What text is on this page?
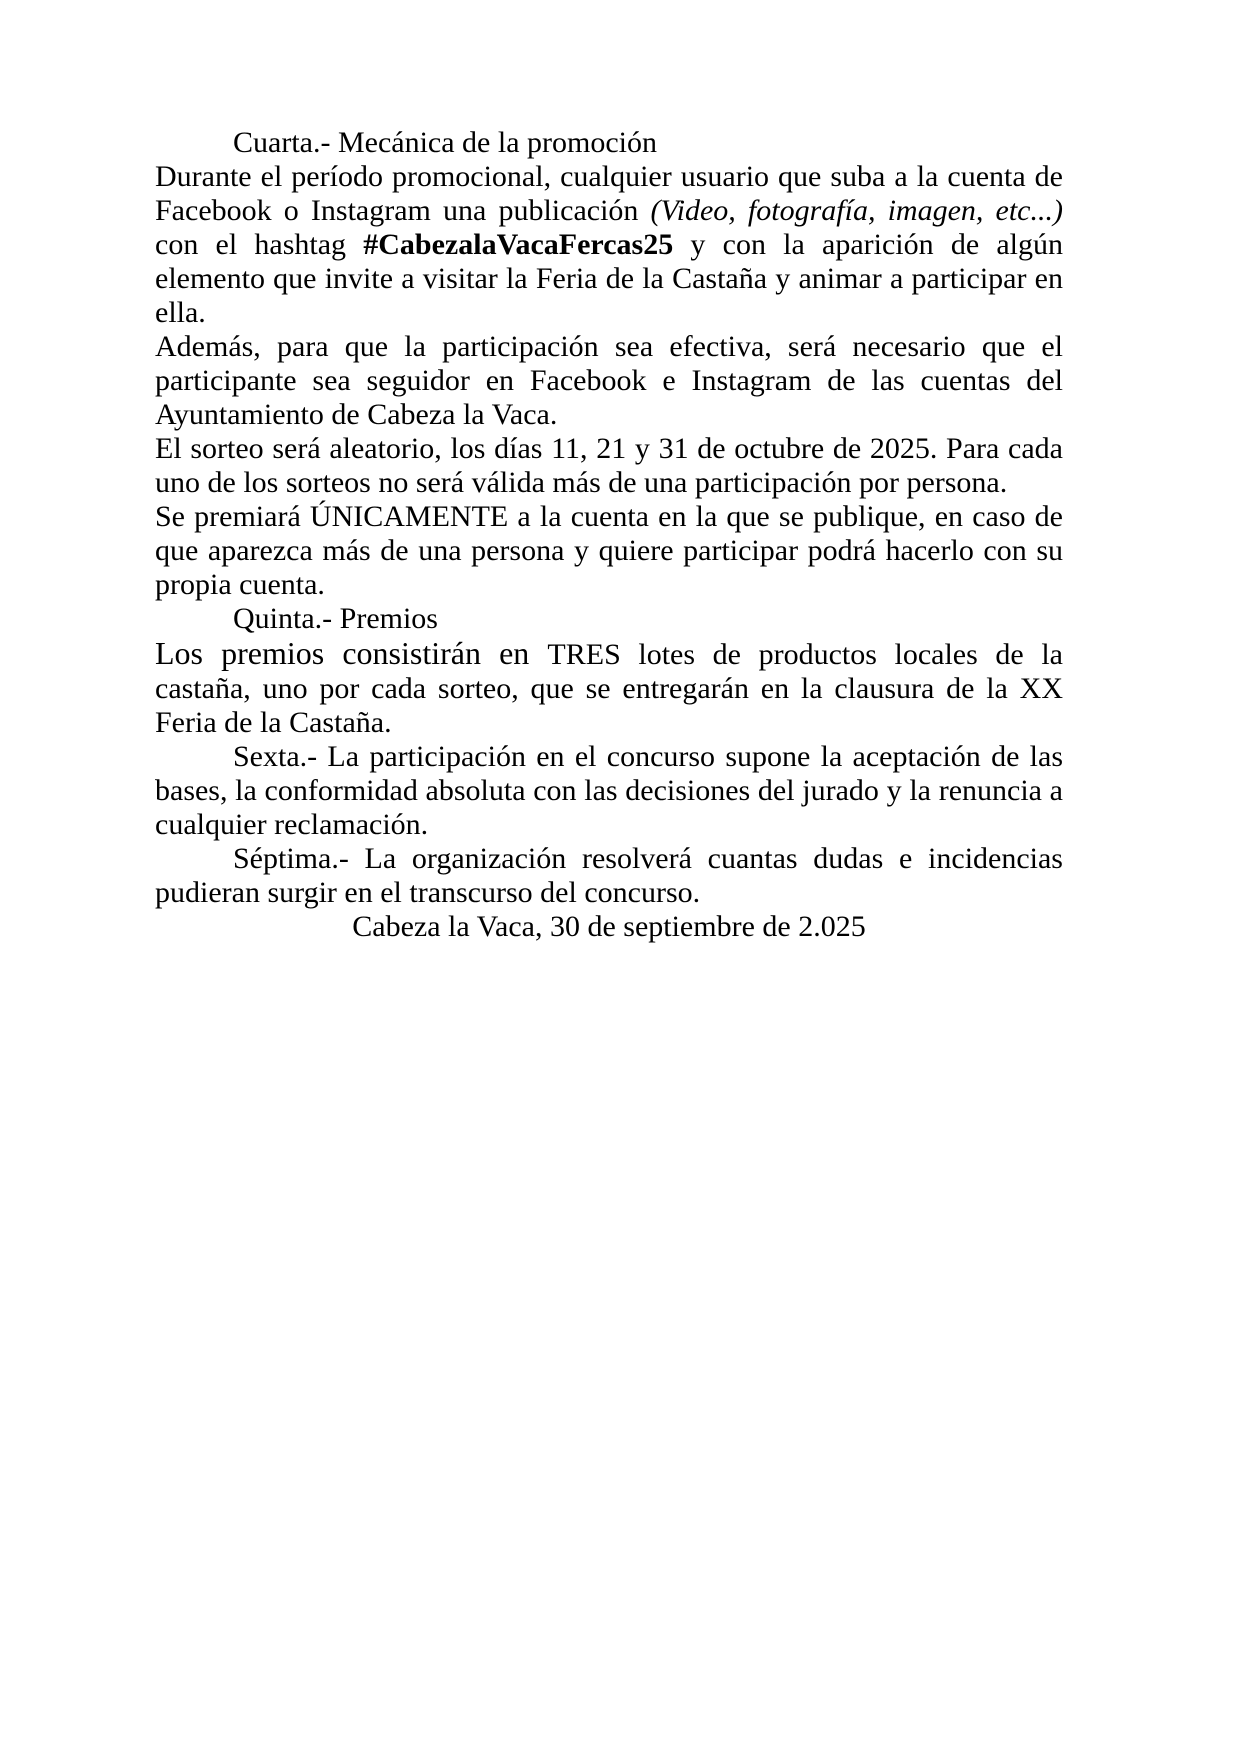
Cuarta.- Mecánica de la promoción

Durante el período promocional, cualquier usuario que suba a la cuenta de Facebook o Instagram una publicación (Video, fotografía, imagen, etc...) con el hashtag #CabezalaVacaFercas25 y con la aparición de algún elemento que invite a visitar la Feria de la Castaña y animar a participar en ella.

Además, para que la participación sea efectiva, será necesario que el participante sea seguidor en Facebook e Instagram de las cuentas del Ayuntamiento de Cabeza la Vaca.

El sorteo será aleatorio, los días 11, 21 y 31 de octubre de 2025. Para cada uno de los sorteos no será válida más de una participación por persona.

Se premiará ÚNICAMENTE a la cuenta en la que se publique, en caso de que aparezca más de una persona y quiere participar podrá hacerlo con su propia cuenta.

Quinta.- Premios

Los premios consistirán en TRES lotes de productos locales de la castaña, uno por cada sorteo, que se entregarán en la clausura de la XX Feria de la Castaña.

Sexta.- La participación en el concurso supone la aceptación de las bases, la conformidad absoluta con las decisiones del jurado y la renuncia a cualquier reclamación.

Séptima.- La organización resolverá cuantas dudas e incidencias pudieran surgir en el transcurso del concurso.

Cabeza la Vaca, 30 de septiembre de 2.025
